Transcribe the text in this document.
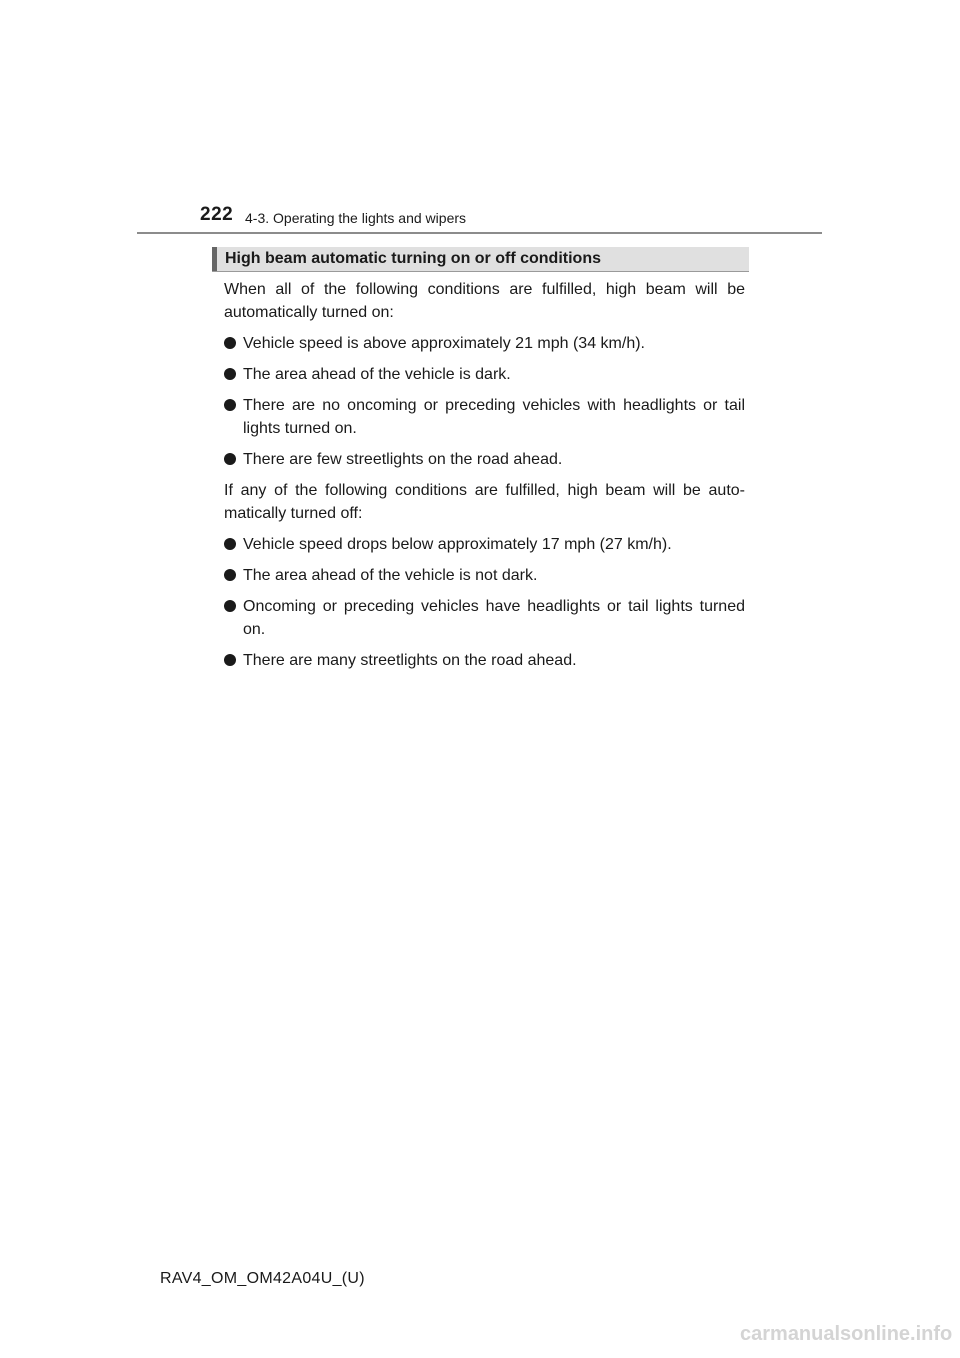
222 4-3. Operating the lights and wipers
High beam automatic turning on or off conditions

When all of the following conditions are fulfilled, high beam will be automatically turned on:

Vehicle speed is above approximately 21 mph (34 km/h).
The area ahead of the vehicle is dark.
There are no oncoming or preceding vehicles with headlights or tail lights turned on.
There are few streetlights on the road ahead.

If any of the following conditions are fulfilled, high beam will be auto-matically turned off:

Vehicle speed drops below approximately 17 mph (27 km/h).
The area ahead of the vehicle is not dark.
Oncoming or preceding vehicles have headlights or tail lights turned on.
There are many streetlights on the road ahead.
RAV4_OM_OM42A04U_(U)
carmanualsonline.info
